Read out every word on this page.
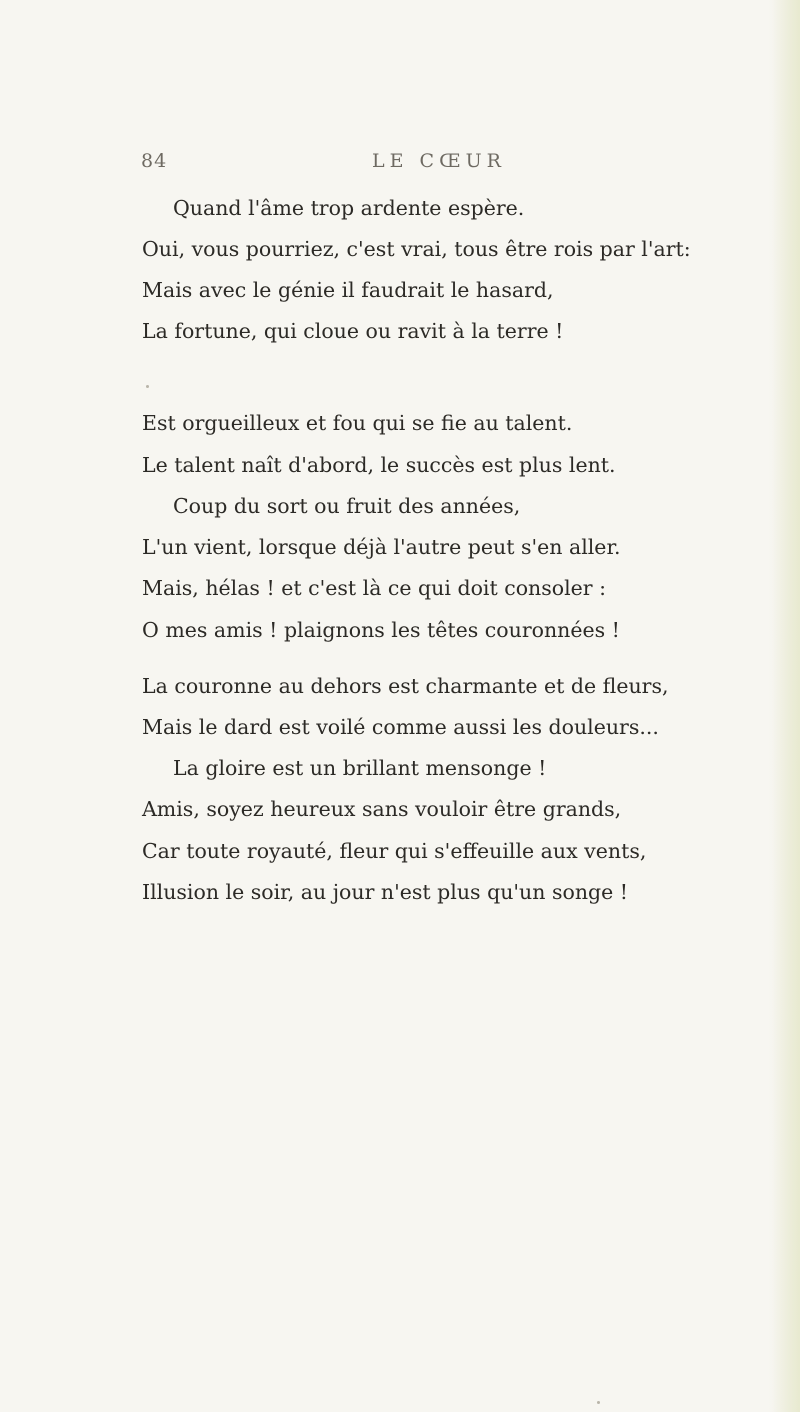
84	LE CŒUR
Quand l'âme trop ardente espère.
Oui, vous pourriez, c'est vrai, tous être rois par l'art:
Mais avec le génie il faudrait le hasard,
La fortune, qui cloue ou ravit à la terre !
Est orgueilleux et fou qui se fie au talent.
Le talent naît d'abord, le succès est plus lent.
Coup du sort ou fruit des années,
L'un vient, lorsque déjà l'autre peut s'en aller.
Mais, hélas ! et c'est là ce qui doit consoler :
O mes amis ! plaignons les têtes couronnées !
La couronne au dehors est charmante et de fleurs,
Mais le dard est voilé comme aussi les douleurs...
La gloire est un brillant mensonge !
Amis, soyez heureux sans vouloir être grands,
Car toute royauté, fleur qui s'effeuille aux vents,
Illusion le soir, au jour n'est plus qu'un songe !
